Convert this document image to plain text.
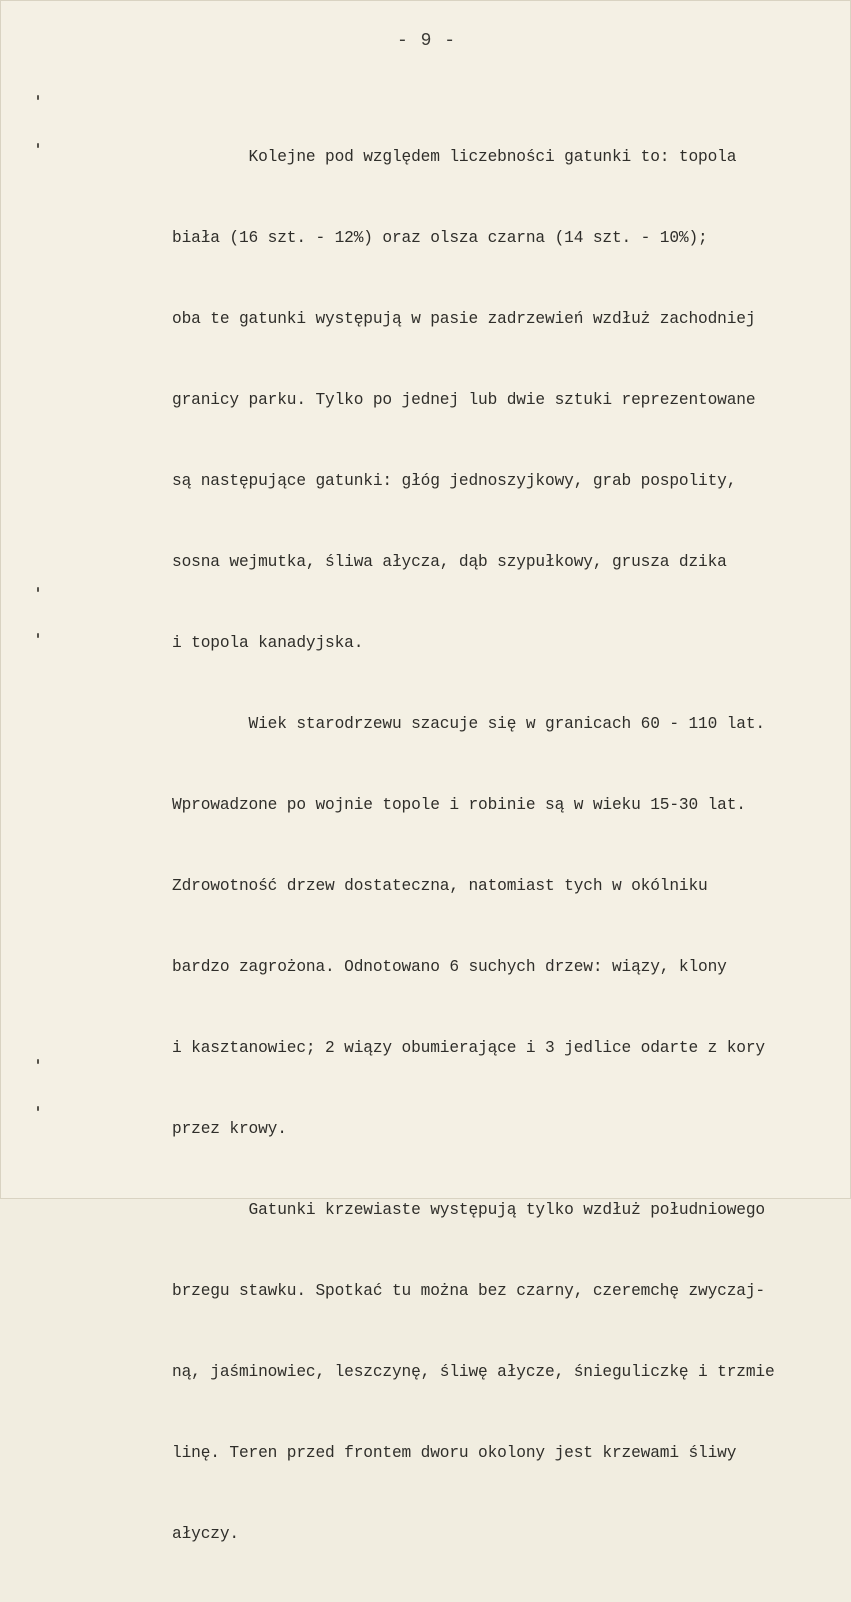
- 9 -

Kolejne pod względem liczebności gatunki to: topola

biała (16 szt. - 12%) oraz olsza czarna (14 szt. - 10%);

oba te gatunki występują w pasie zadrzewień wzdłuż zachodniej

granicy parku. Tylko po jednej lub dwie sztuki reprezentowane

są następujące gatunki: głóg jednoszyjkowy, grab pospolity,

sosna wejmutka, śliwa ałycza, dąb szypułkowy, grusza dzika

i topola kanadyjska.

Wiek starodrzewu szacuje się w granicach 60 - 110 lat.

Wprowadzone po wojnie topole i robinie są w wieku 15-30 lat.

Zdrowotność drzew dostateczna, natomiast tych w okólniku

bardzo zagrożona. Odnotowano 6 suchych drzew: wiązy, klony

i kasztanowiec; 2 wiązy obumierające i 3 jedlice odarte z kory

przez krowy.

Gatunki krzewiaste występują tylko wzdłuż południowego

brzegu stawku. Spotkać tu można bez czarny, czeremchę zwyczaj-

ną, jaśminowiec, leszczynę, śliwę ałycze, śnieguliczkę i trzmie

linę. Teren przed frontem dworu okolony jest krzewami śliwy

ałyczy.
